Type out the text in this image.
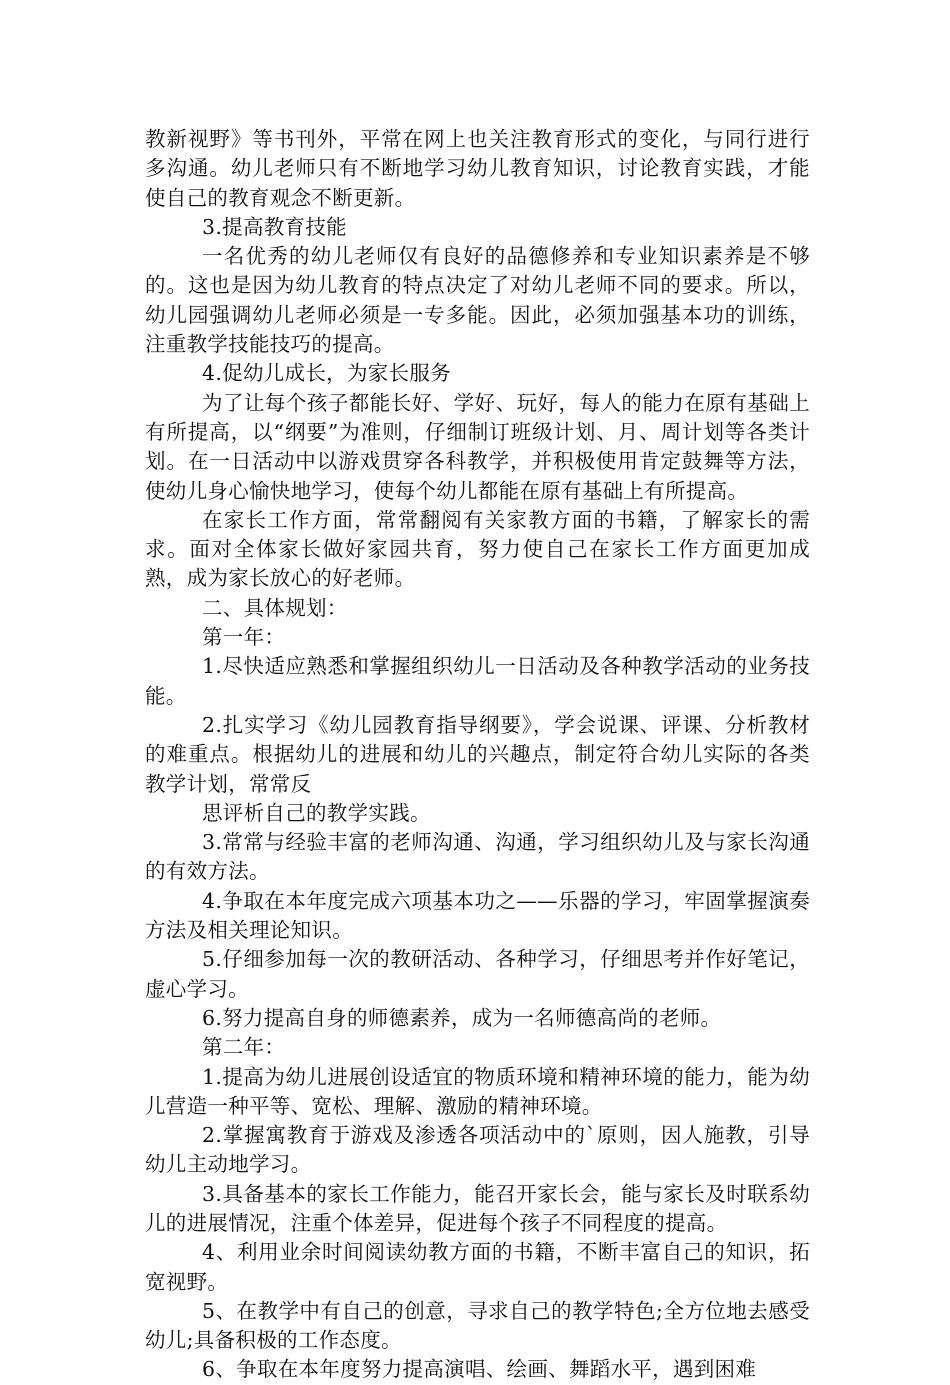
教新视野》等书刊外，平常在网上也关注教育形式的变化，与同行进行多沟通。幼儿老师只有不断地学习幼儿教育知识，讨论教育实践，才能使自己的教育观念不断更新。

3.提高教育技能

一名优秀的幼儿老师仅有良好的品德修养和专业知识素养是不够的。这也是因为幼儿教育的特点决定了对幼儿老师不同的要求。所以，幼儿园强调幼儿老师必须是一专多能。因此，必须加强基本功的训练，注重教学技能技巧的提高。

4.促幼儿成长，为家长服务

为了让每个孩子都能长好、学好、玩好，每人的能力在原有基础上有所提高，以“纲要”为准则，仔细制订班级计划、月、周计划等各类计划。在一日活动中以游戏贯穿各科教学，并积极使用肯定鼓舞等方法，使幼儿身心愉快地学习，使每个幼儿都能在原有基础上有所提高。

在家长工作方面，常常翻阅有关家教方面的书籍，了解家长的需求。面对全体家长做好家园共育，努力使自己在家长工作方面更加成熟，成为家长放心的好老师。

二、具体规划：

第一年：

1.尽快适应熟悉和掌握组织幼儿一日活动及各种教学活动的业务技能。

2.扎实学习《幼儿园教育指导纲要》，学会说课、评课、分析教材的难重点。根据幼儿的进展和幼儿的兴趣点，制定符合幼儿实际的各类教学计划，常常反

思评析自己的教学实践。

3.常常与经验丰富的老师沟通、沟通，学习组织幼儿及与家长沟通的有效方法。

4.争取在本年度完成六项基本功之——乐器的学习，牢固掌握演奏方法及相关理论知识。

5.仔细参加每一次的教研活动、各种学习，仔细思考并作好笔记，虚心学习。

6.努力提高自身的师德素养，成为一名师德高尚的老师。

第二年：

1.提高为幼儿进展创设适宜的物质环境和精神环境的能力，能为幼儿营造一种平等、宽松、理解、激励的精神环境。

2.掌握寓教育于游戏及渗透各项活动中的`原则，因人施教，引导幼儿主动地学习。

3.具备基本的家长工作能力，能召开家长会，能与家长及时联系幼儿的进展情况，注重个体差异，促进每个孩子不同程度的提高。

4、利用业余时间阅读幼教方面的书籍，不断丰富自己的知识，拓宽视野。

5、在教学中有自己的创意，寻求自己的教学特色;全方位地去感受幼儿;具备积极的工作态度。

6、争取在本年度努力提高演唱、绘画、舞蹈水平，遇到困难
